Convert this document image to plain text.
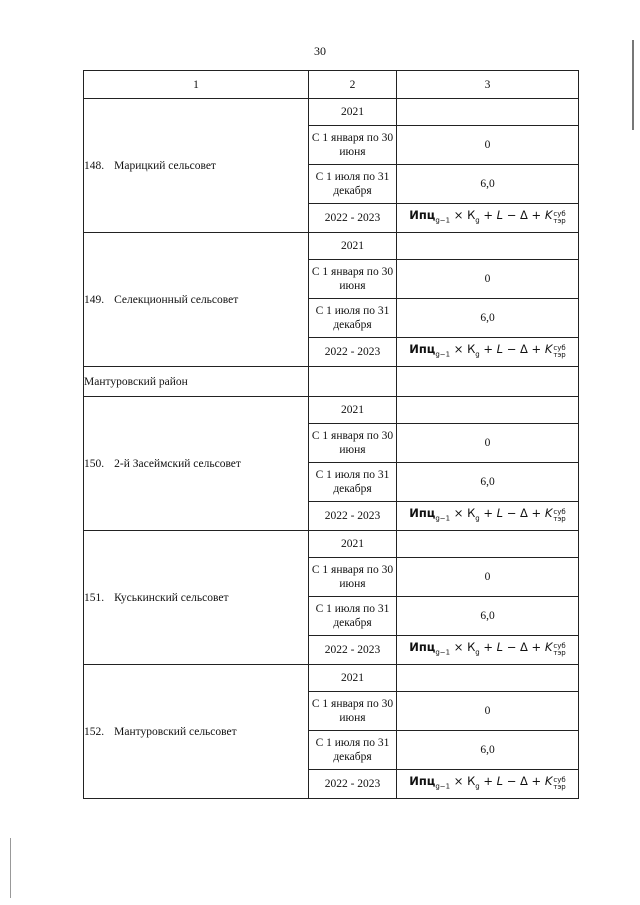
30
1	2	3
148. Марицкий сельсовет	2021	
	С 1 января по 30 июня	0
	С 1 июля по 31 декабря	6,0
	2022 - 2023	$Ипц_{g-1} \times К_g + L - \Delta + K$ суб
тэр

149. Селекционный сельсовет	2021	
	С 1 января по 30 июня	0
	С 1 июля по 31 декабря	6,0
	2022 - 2023	$Ипц_{g-1} \times К_g + L - \Delta + K$ суб
тэр

Мантуровский район		
150. 2-й Засеймский сельсовет	2021	
	С 1 января по 30 июня	0
	С 1 июля по 31 декабря	6,0
	2022 - 2023	$Ипц_{g-1} \times К_g + L - \Delta + K$ суб
тэр

151. Куськинский сельсовет	2021	
	С 1 января по 30 июня	0
	С 1 июля по 31 декабря	6,0
	2022 - 2023	$Ипц_{g-1} \times К_g + L - \Delta + K$ суб
тэр

152. Мантуровский сельсовет	2021	
	С 1 января по 30 июня	0
	С 1 июля по 31 декабря	6,0
	2022 - 2023	$Ипц_{g-1} \times К_g + L - \Delta + K$ суб
тэр
